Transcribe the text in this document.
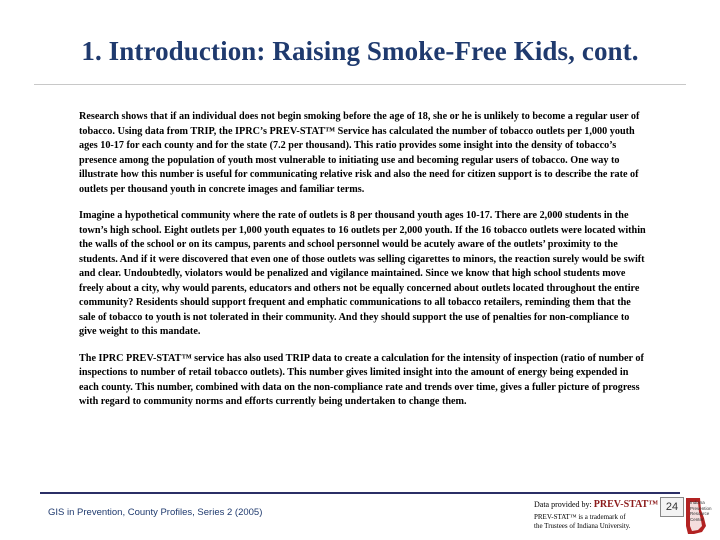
1. Introduction: Raising Smoke-Free Kids, cont.

Research shows that if an individual does not begin smoking before the age of 18, she or he is unlikely to become a regular user of tobacco. Using data from TRIP, the IPRC’s PREV-STAT™ Service has calculated the number of tobacco outlets per 1,000 youth ages 10-17 for each county and for the state (7.2 per thousand). This ratio provides some insight into the density of tobacco’s presence among the population of youth most vulnerable to initiating use and becoming regular users of tobacco. One way to illustrate how this number is useful for communicating relative risk and also the need for citizen support is to describe the rate of outlets per thousand youth in concrete images and familiar terms.

Imagine a hypothetical community where the rate of outlets is 8 per thousand youth ages 10-17. There are 2,000 students in the town’s high school. Eight outlets per 1,000 youth equates to 16 outlets per 2,000 youth. If the 16 tobacco outlets were located within the walls of the school or on its campus, parents and school personnel would be acutely aware of the outlets’ proximity to the students. And if it were discovered that even one of those outlets was selling cigarettes to minors, the reaction surely would be swift and clear. Undoubtedly, violators would be penalized and vigilance maintained. Since we know that high school students move freely about a city, why would parents, educators and others not be equally concerned about outlets located throughout the entire community? Residents should support frequent and emphatic communications to all tobacco retailers, reminding them that the sale of tobacco to youth is not tolerated in their community. And they should support the use of penalties for non-compliance to give weight to this mandate.

The IPRC PREV-STAT™ service has also used TRIP data to create a calculation for the intensity of inspection (ratio of number of inspections to number of retail tobacco outlets). This number gives limited insight into the amount of energy being expended in each county. This number, combined with data on the non-compliance rate and trends over time, gives a fuller picture of progress with regard to community norms and efforts currently being undertaken to change them.

GIS in Prevention, County Profiles, Series 2 (2005)
Data provided by: PREV-STAT™
PREV-STAT™ is a trademark of
the Trustees of Indiana University.
24	Indiana
Prevention
Resource
Center
